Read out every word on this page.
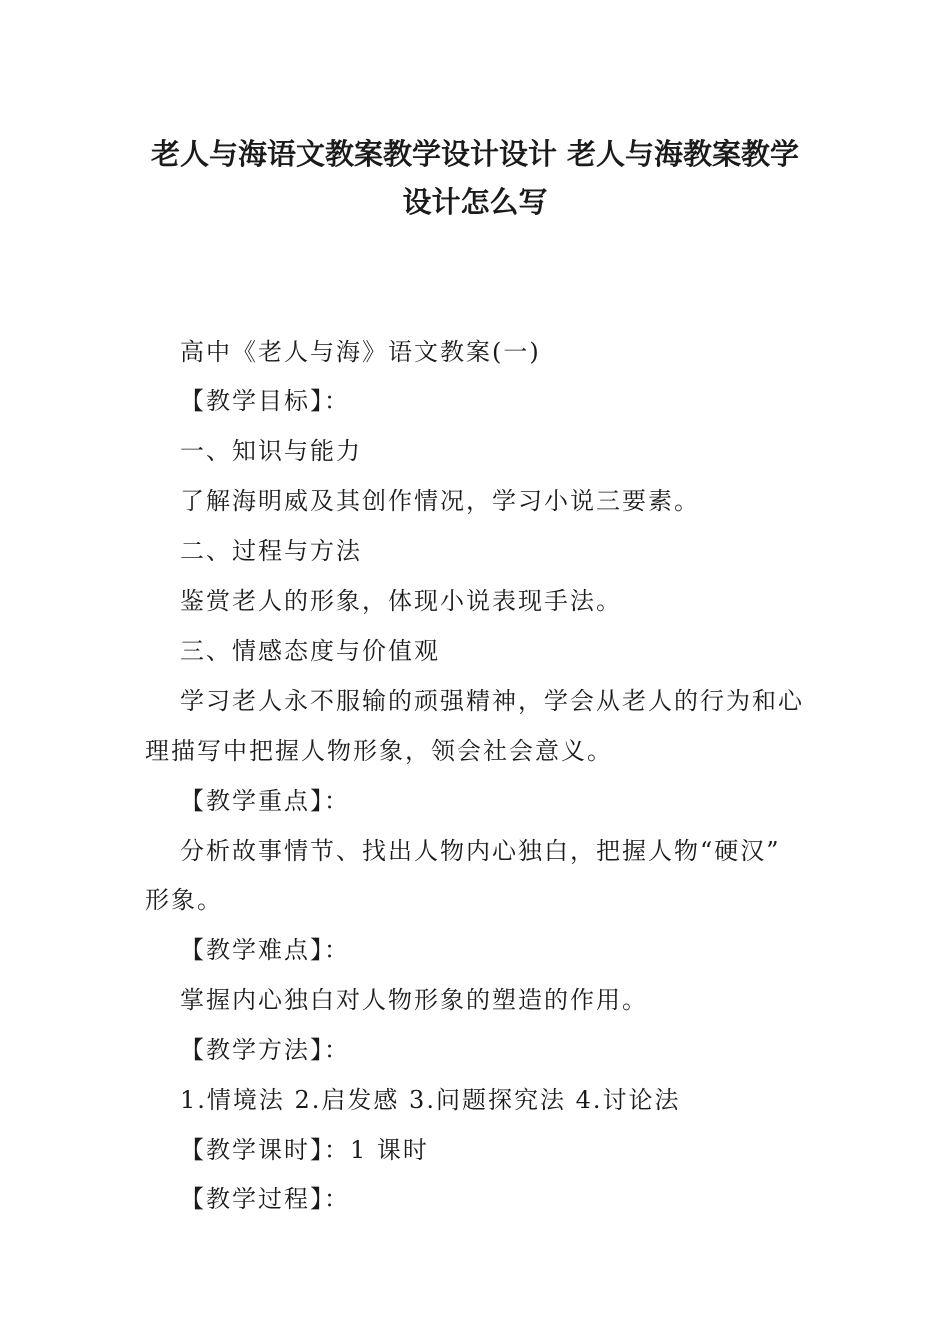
老人与海语文教案教学设计设计 老人与海教案教学
设计怎么写
高中《老人与海》语文教案(一)
【教学目标】：
一、知识与能力
了解海明威及其创作情况，学习小说三要素。
二、过程与方法
鉴赏老人的形象，体现小说表现手法。
三、情感态度与价值观
学习老人永不服输的顽强精神，学会从老人的行为和心
理描写中把握人物形象，领会社会意义。
【教学重点】：
分析故事情节、找出人物内心独白，把握人物“硬汉”
形象。
【教学难点】：
掌握内心独白对人物形象的塑造的作用。
【教学方法】：
1.情境法 2.启发感 3.问题探究法 4.讨论法
【教学课时】：1 课时
【教学过程】：
